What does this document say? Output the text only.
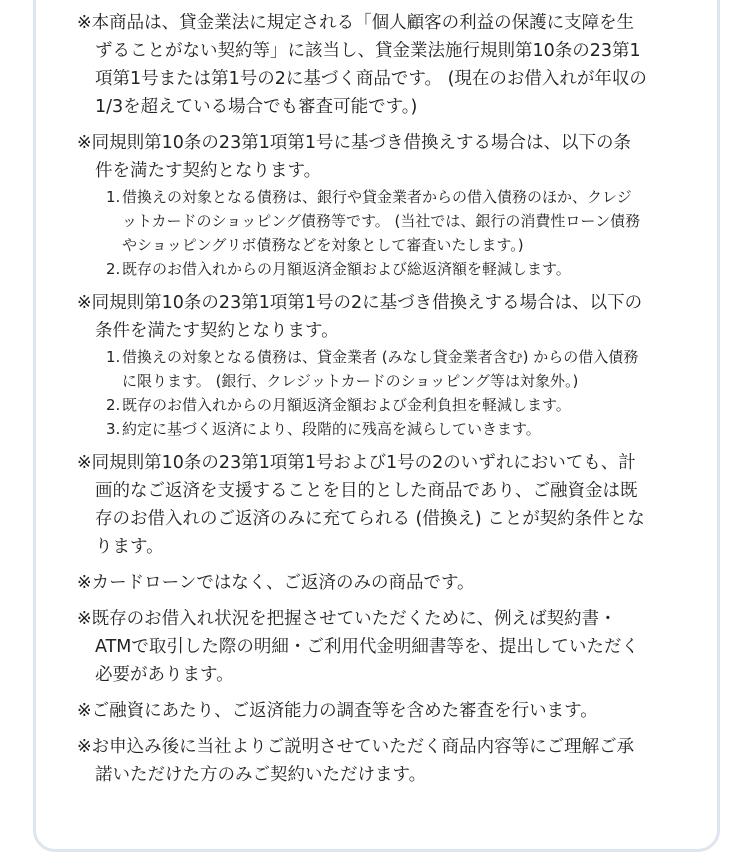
※本商品は、貸金業法に規定される「個人顧客の利益の保護に支障を生
ずることがない契約等」に該当し、貸金業法施行規則第10条の23第1
項第1号または第1号の2に基づく商品です。 (現在のお借入れが年収の
1/3を超えている場合でも審査可能です。)
※同規則第10条の23第1項第1号に基づき借換えする場合は、以下の条
件を満たす契約となります。
1. 借換えの対象となる債務は、銀行や貸金業者からの借入債務のほか、クレジ
ットカードのショッピング債務等です。 (当社では、銀行の消費性ローン債務
やショッピングリボ債務などを対象として審査いたします。)
2. 既存のお借入れからの月額返済金額および総返済額を軽減します。
※同規則第10条の23第1項第1号の2に基づき借換えする場合は、以下の
条件を満たす契約となります。
1. 借換えの対象となる債務は、貸金業者 (みなし貸金業者含む) からの借入債務
に限ります。 (銀行、クレジットカードのショッピング等は対象外。)
2. 既存のお借入れからの月額返済金額および金利負担を軽減します。
3. 約定に基づく返済により、段階的に残高を減らしていきます。
※同規則第10条の23第1項第1号および1号の2のいずれにおいても、計
画的なご返済を支援することを目的とした商品であり、ご融資金は既
存のお借入れのご返済のみに充てられる (借換え) ことが契約条件とな
ります。
※カードローンではなく、ご返済のみの商品です。
※既存のお借入れ状況を把握させていただくために、例えば契約書・
ATMで取引した際の明細・ご利用代金明細書等を、提出していただく
必要があります。
※ご融資にあたり、ご返済能力の調査等を含めた審査を行います。
※お申込み後に当社よりご説明させていただく商品内容等にご理解ご承
諾いただけた方のみご契約いただけます。
